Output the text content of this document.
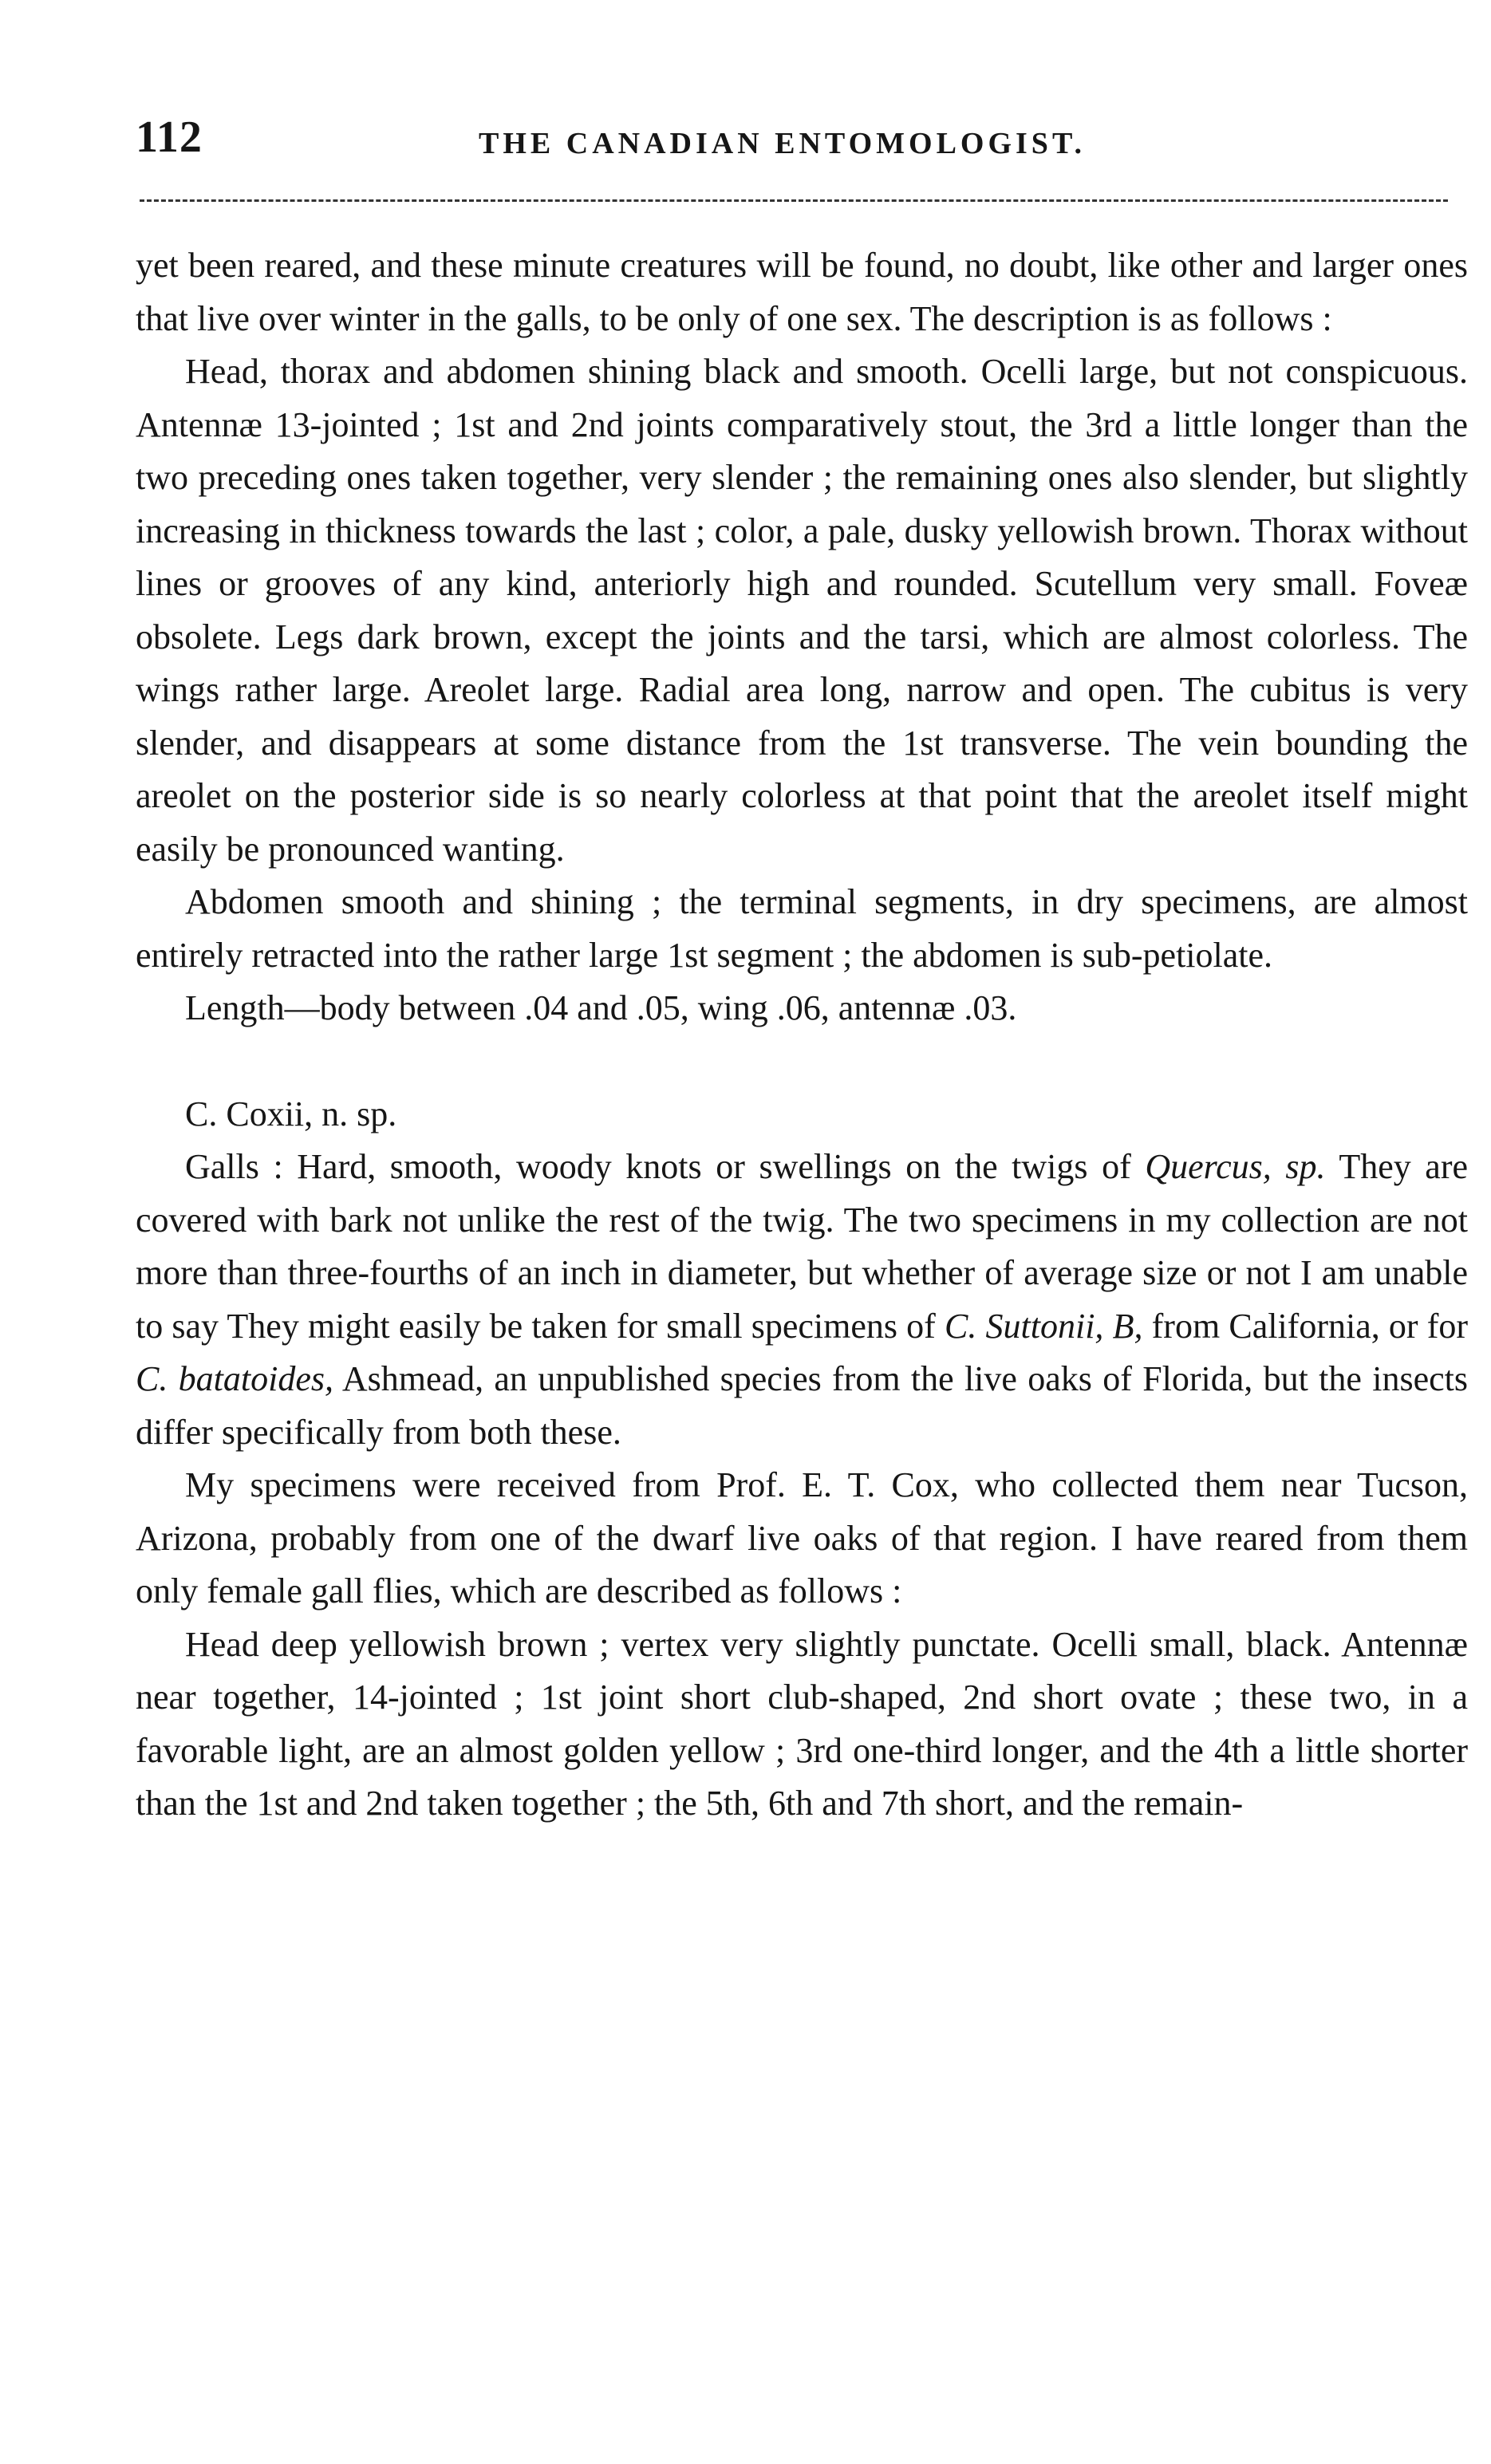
112	THE CANADIAN ENTOMOLOGIST.

yet been reared, and these minute creatures will be found, no doubt, like other and larger ones that live over winter in the galls, to be only of one sex. The description is as follows :

Head, thorax and abdomen shining black and smooth. Ocelli large, but not conspicuous. Antennæ 13-jointed ; 1st and 2nd joints comparatively stout, the 3rd a little longer than the two preceding ones taken together, very slender ; the remaining ones also slender, but slightly increasing in thickness towards the last ; color, a pale, dusky yellowish brown. Thorax without lines or grooves of any kind, anteriorly high and rounded. Scutellum very small. Foveæ obsolete. Legs dark brown, except the joints and the tarsi, which are almost colorless. The wings rather large. Areolet large. Radial area long, narrow and open. The cubitus is very slender, and disappears at some distance from the 1st transverse. The vein bounding the areolet on the posterior side is so nearly colorless at that point that the areolet itself might easily be pronounced wanting.

Abdomen smooth and shining ; the terminal segments, in dry specimens, are almost entirely retracted into the rather large 1st segment ; the abdomen is sub-petiolate.

Length—body between .04 and .05, wing .06, antennæ .03.

C. Coxii, n. sp.

Galls : Hard, smooth, woody knots or swellings on the twigs of Quercus, sp. They are covered with bark not unlike the rest of the twig. The two specimens in my collection are not more than three-fourths of an inch in diameter, but whether of average size or not I am unable to say They might easily be taken for small specimens of C. Suttonii, B, from California, or for C. batatoides, Ashmead, an unpublished species from the live oaks of Florida, but the insects differ specifically from both these.

My specimens were received from Prof. E. T. Cox, who collected them near Tucson, Arizona, probably from one of the dwarf live oaks of that region. I have reared from them only female gall flies, which are described as follows :

Head deep yellowish brown ; vertex very slightly punctate. Ocelli small, black. Antennæ near together, 14-jointed ; 1st joint short club-shaped, 2nd short ovate ; these two, in a favorable light, are an almost golden yellow ; 3rd one-third longer, and the 4th a little shorter than the 1st and 2nd taken together ; the 5th, 6th and 7th short, and the remain-
